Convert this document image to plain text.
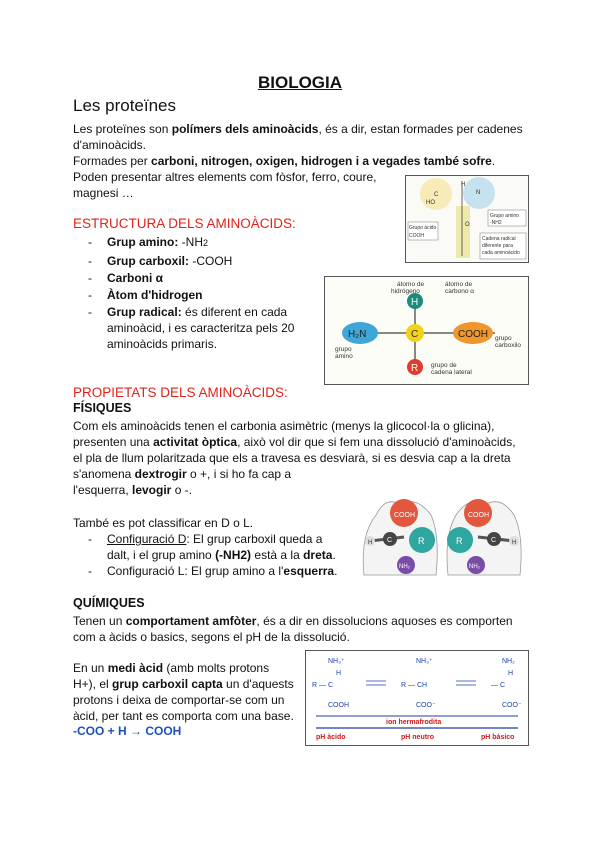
BIOLOGIA
Les proteïnes
Les proteïnes son polímers dels aminoàcids, és a dir, estan formades per cadenes
d'aminoàcids.
Formades per carboni, nitrogen, oxigen, hidrogen i a vegades també sofre.
Poden presentar altres elements com fòsfor, ferro, coure,
magnesi …	C
HO
H
N
Grupo ácido
COOH
Grupo amino
-NH2
Cadena radical
diferente para
cada aminoácido
O
ESTRUCTURA DELS AMINOÀCIDS:
- Grup amino: -NH2
- Grup carboxil: -COOH
- Carboni α
- Àtom d'hidrogen
- Grup radical: és diferent en cada
aminoàcid, i es caracteritza pels 20
aminoàcids primaris.
H
C
H₂N	COOH
R
átomo de
hidrógeno
átomo de
carbono α
grupo
amino
grupo
carboxilo
grupo de
cadena lateral
PROPIETATS DELS AMINOÀCIDS:
FÍSIQUES
Com els aminoàcids tenen el carbonia asimètric (menys la glicocol·la o glicina),
presenten una activitat òptica, això vol dir que si fem una dissolució d'aminoàcids,
el pla de llum polaritzada que els a travesa es desviarà, si es desvia cap a la dreta
s'anomena dextrogir o +, i si ho fa cap a
l'esquerra, levogir o -.
COOH
R
C
H
NH₂
COOH
R	C	H
NH₂
També es pot classificar en D o L.
- Configuració D: El grup carboxil queda a
dalt, i el grup amino (-NH2) està a la dreta.
- Configuració L: El grup amino a l'esquerra.
QUÍMIQUES
Tenen un comportament amfòter, és a dir en dissolucions aquoses es comporten
com a àcids o basics, segons el pH de la dissolució.
En un medi àcid (amb molts protons
H+), el grup carboxil capta un d'aquests
protons i deixa de comportar-se com un
àcid, per tant es comporta com una base.
-COO + H → COOH
NH₃⁺	NH₃⁺	NH₂
R — C	R — CH	— C
COOH	COO⁻	COO⁻
H	H
ion hermafrodita
pH àcido	pH neutro	pH básico
